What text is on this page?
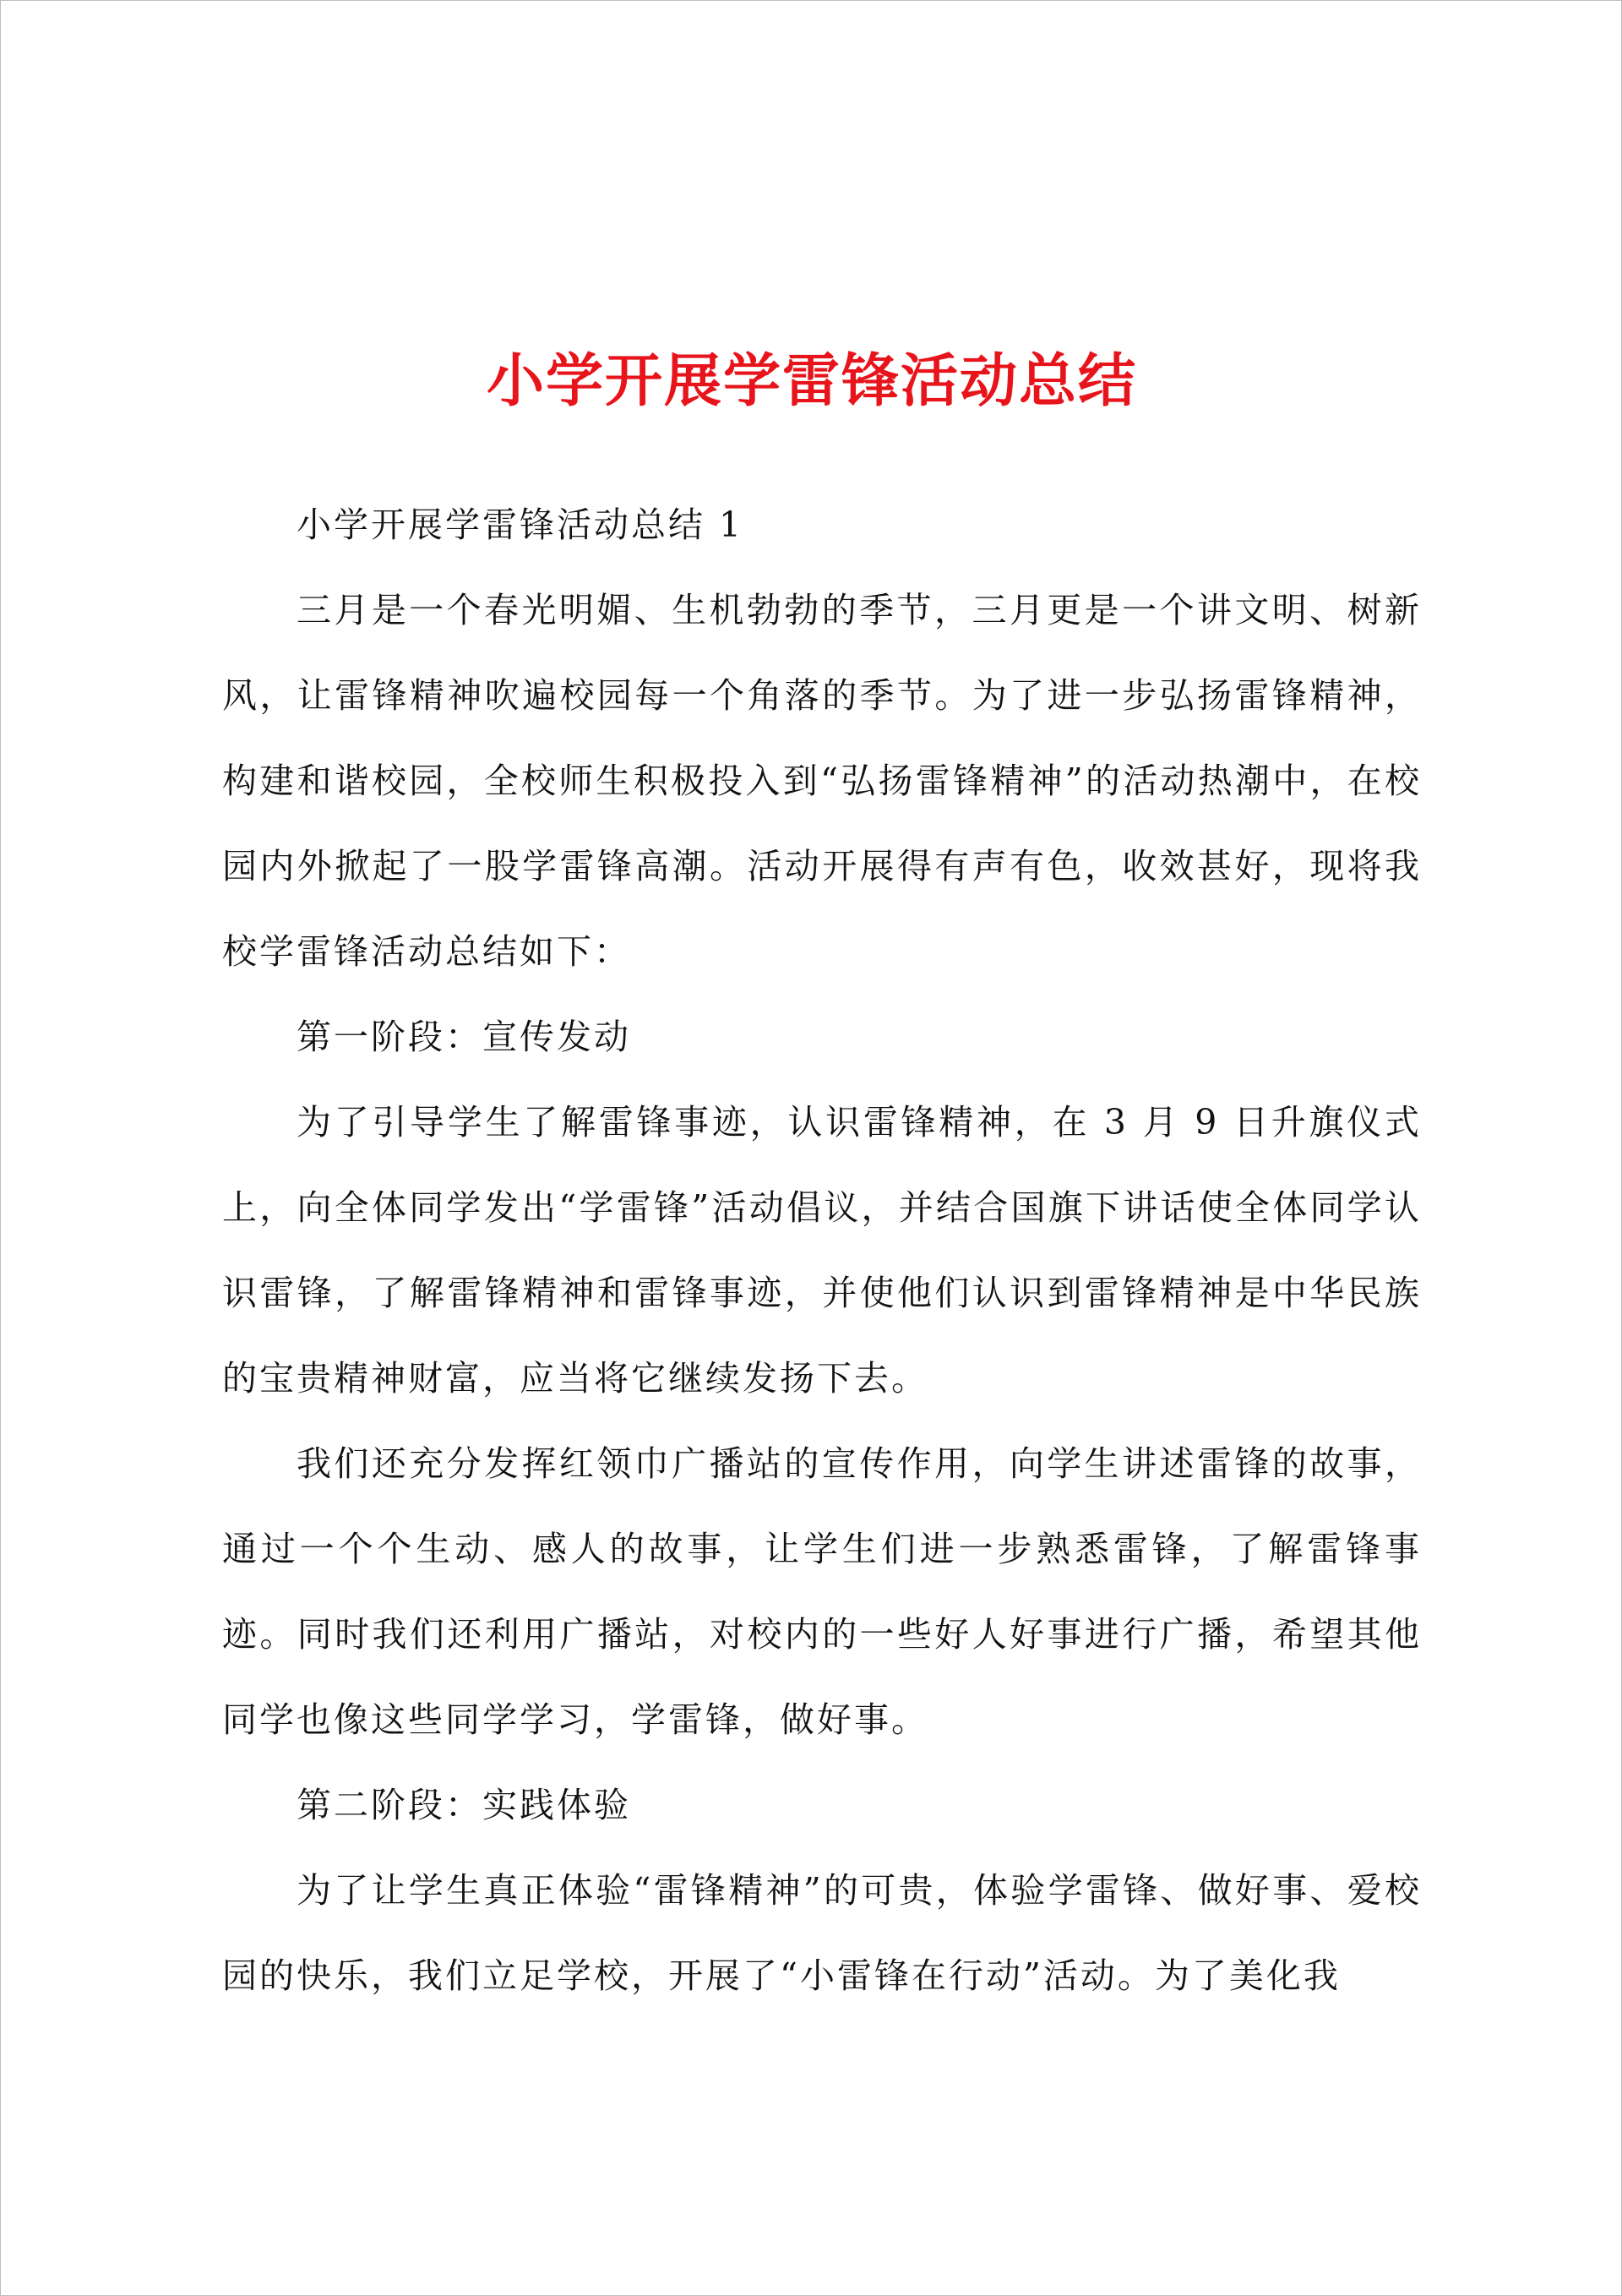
小学开展学雷锋活动总结

小学开展学雷锋活动总结 1

三月是一个春光明媚、生机勃勃的季节，三月更是一个讲文明、树新风，让雷锋精神吹遍校园每一个角落的季节。为了进一步弘扬雷锋精神，构建和谐校园，全校师生积极投入到“弘扬雷锋精神”的活动热潮中，在校园内外掀起了一股学雷锋高潮。活动开展得有声有色，收效甚好，现将我校学雷锋活动总结如下：

第一阶段：宣传发动

为了引导学生了解雷锋事迹，认识雷锋精神，在 3 月 9 日升旗仪式上，向全体同学发出“学雷锋”活动倡议，并结合国旗下讲话使全体同学认识雷锋，了解雷锋精神和雷锋事迹，并使他们认识到雷锋精神是中华民族的宝贵精神财富，应当将它继续发扬下去。

我们还充分发挥红领巾广播站的宣传作用，向学生讲述雷锋的故事，通过一个个生动、感人的故事，让学生们进一步熟悉雷锋，了解雷锋事迹。同时我们还利用广播站，对校内的一些好人好事进行广播，希望其他同学也像这些同学学习，学雷锋，做好事。

第二阶段：实践体验

为了让学生真正体验“雷锋精神”的可贵，体验学雷锋、做好事、爱校园的快乐，我们立足学校，开展了“小雷锋在行动”活动。为了美化我
